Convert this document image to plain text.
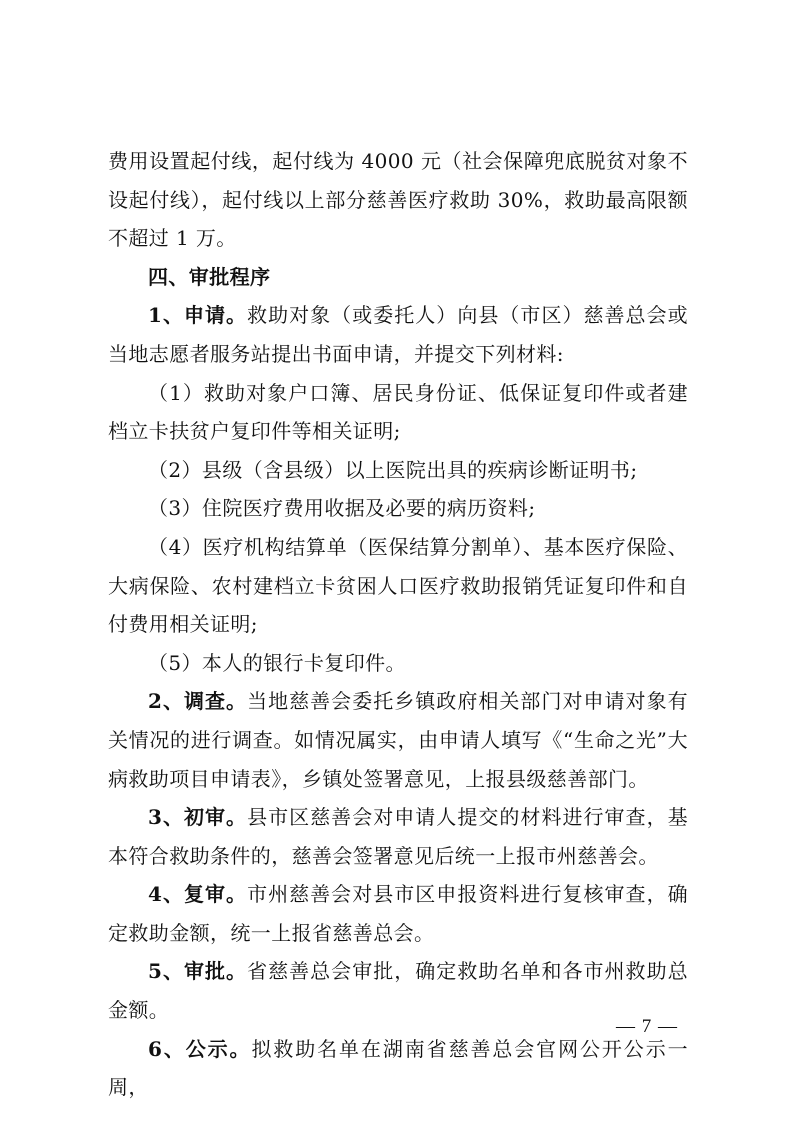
费用设置起付线，起付线为 4000 元（社会保障兜底脱贫对象不设起付线），起付线以上部分慈善医疗救助 30%，救助最高限额不超过 1 万。

四、审批程序

1、申请。救助对象（或委托人）向县（市区）慈善总会或当地志愿者服务站提出书面申请，并提交下列材料:

（1）救助对象户口簿、居民身份证、低保证复印件或者建档立卡扶贫户复印件等相关证明;

（2）县级（含县级）以上医院出具的疾病诊断证明书;

（3）住院医疗费用收据及必要的病历资料;

（4）医疗机构结算单（医保结算分割单）、基本医疗保险、大病保险、农村建档立卡贫困人口医疗救助报销凭证复印件和自付费用相关证明;

（5）本人的银行卡复印件。

2、调查。当地慈善会委托乡镇政府相关部门对申请对象有关情况的进行调查。如情况属实，由申请人填写《“生命之光”大病救助项目申请表》，乡镇处签署意见，上报县级慈善部门。

3、初审。县市区慈善会对申请人提交的材料进行审查，基本符合救助条件的，慈善会签署意见后统一上报市州慈善会。

4、复审。市州慈善会对县市区申报资料进行复核审查，确定救助金额，统一上报省慈善总会。

5、审批。省慈善总会审批，确定救助名单和各市州救助总金额。

6、公示。拟救助名单在湖南省慈善总会官网公开公示一周，

— 7 —
